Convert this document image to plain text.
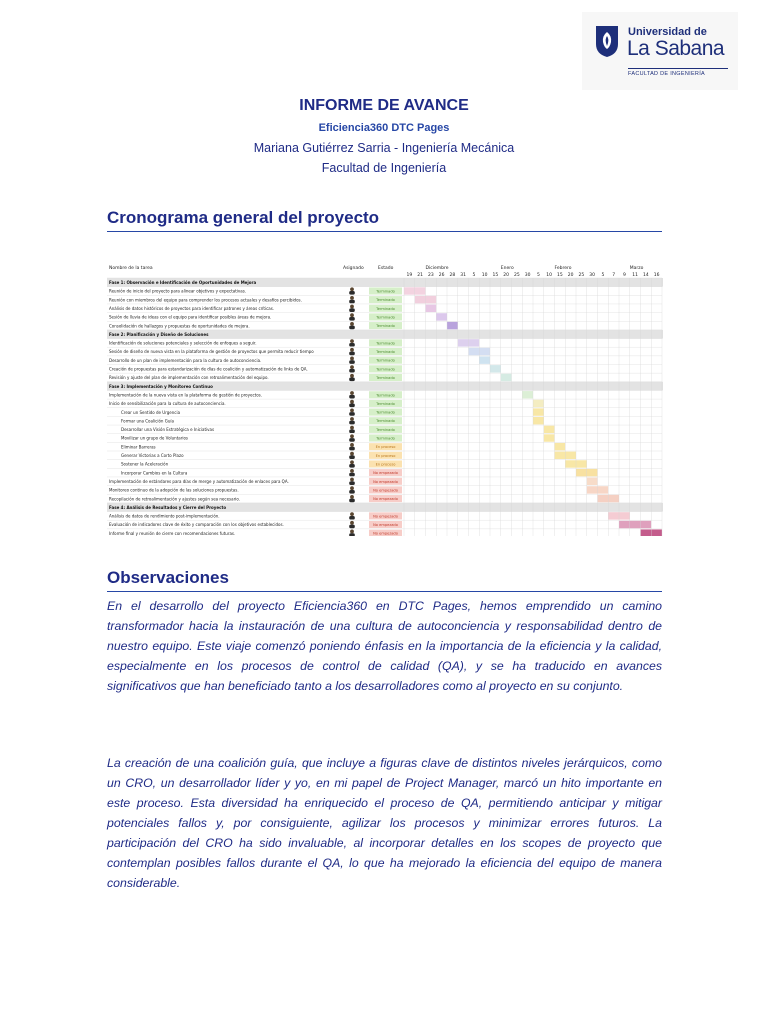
Universidad de
La Sabana
FACULTAD DE INGENIERÍA
INFORME DE AVANCE
Eficiencia360 DTC Pages
Mariana Gutiérrez Sarria - Ingeniería Mecánica
Facultad de Ingeniería
Cronograma general del proyecto
Nombre de la tarea	Asignado	Estado	Diciembre	Enero	Febrero	Marzo
19 21 23 26 28 31 5 10 15 20 25 30 5 10 15 20 25 30 5 7 9 11 14 16
Fase 1: Observación e Identificación de Oportunidades de Mejora
Reunión de inicio del proyecto para alinear objetivos y expectativas.	Terminado
Reunión con miembros del equipo para comprender los procesos actuales y desafíos percibidos.	Terminado
Análisis de datos históricos de proyectos para identificar patrones y áreas críticas.	Terminado
Sesión de lluvia de ideas con el equipo para identificar posibles áreas de mejora.	Terminado
Consolidación de hallazgos y propuestas de oportunidades de mejora.	Terminado
Fase 2: Planificación y Diseño de Soluciones
Identificación de soluciones potenciales y selección de enfoques a seguir.	Terminado
Sesión de diseño de nueva vista en la plataforma de gestión de proyectos que permita reducir tiempo	Terminado
Desarrollo de un plan de implementación para la cultura de autoconciencia.	Terminado
Creación de propuestas para estandarización de días de coalición y automatización de links de QA.	Terminado
Revisión y ajuste del plan de implementación con retroalimentación del equipo.	Terminado
Fase 3: Implementación y Monitoreo Continuo
Implementación de la nueva vista en la plataforma de gestión de proyectos.	Terminado
Inicio de sensibilización para la cultura de autoconciencia.	Terminado
Crear un Sentido de Urgencia	Terminado
Formar una Coalición Guía	Terminado
Desarrollar una Visión Estratégica e Iniciativas	Terminado
Movilizar un grupo de Voluntarios	Terminado
Eliminar Barreras	En proceso
Generar Victorias a Corto Plazo	En proceso
Sostener la Aceleración	En proceso
Incorporar Cambios en la Cultura	No empezado
Implementación de estándares para días de merge y automatización de enlaces para QA.	No empezado
Monitoreo continuo de la adopción de las soluciones propuestas.	No empezado
Recopilación de retroalimentación y ajustes según sea necesario.	No empezado
Fase 4: Análisis de Resultados y Cierre del Proyecto
Análisis de datos de rendimiento post-implementación.	No empezado
Evaluación de indicadores clave de éxito y comparación con los objetivos establecidos.	No empezado
Informe final y reunión de cierre con recomendaciones futuras.	No empezado
Observaciones

En el desarrollo del proyecto Eficiencia360 en DTC Pages, hemos emprendido un camino transformador hacia la instauración de una cultura de autoconciencia y responsabilidad dentro de nuestro equipo. Este viaje comenzó poniendo énfasis en la importancia de la eficiencia y la calidad, especialmente en los procesos de control de calidad (QA), y se ha traducido en avances significativos que han beneficiado tanto a los desarrolladores como al proyecto en su conjunto.

La creación de una coalición guía, que incluye a figuras clave de distintos niveles jerárquicos, como un CRO, un desarrollador líder y yo, en mi papel de Project Manager, marcó un hito importante en este proceso. Esta diversidad ha enriquecido el proceso de QA, permitiendo anticipar y mitigar potenciales fallos y, por consiguiente, agilizar los procesos y minimizar errores futuros. La participación del CRO ha sido invaluable, al incorporar detalles en los scopes de proyecto que contemplan posibles fallos durante el QA, lo que ha mejorado la eficiencia del equipo de manera considerable.
